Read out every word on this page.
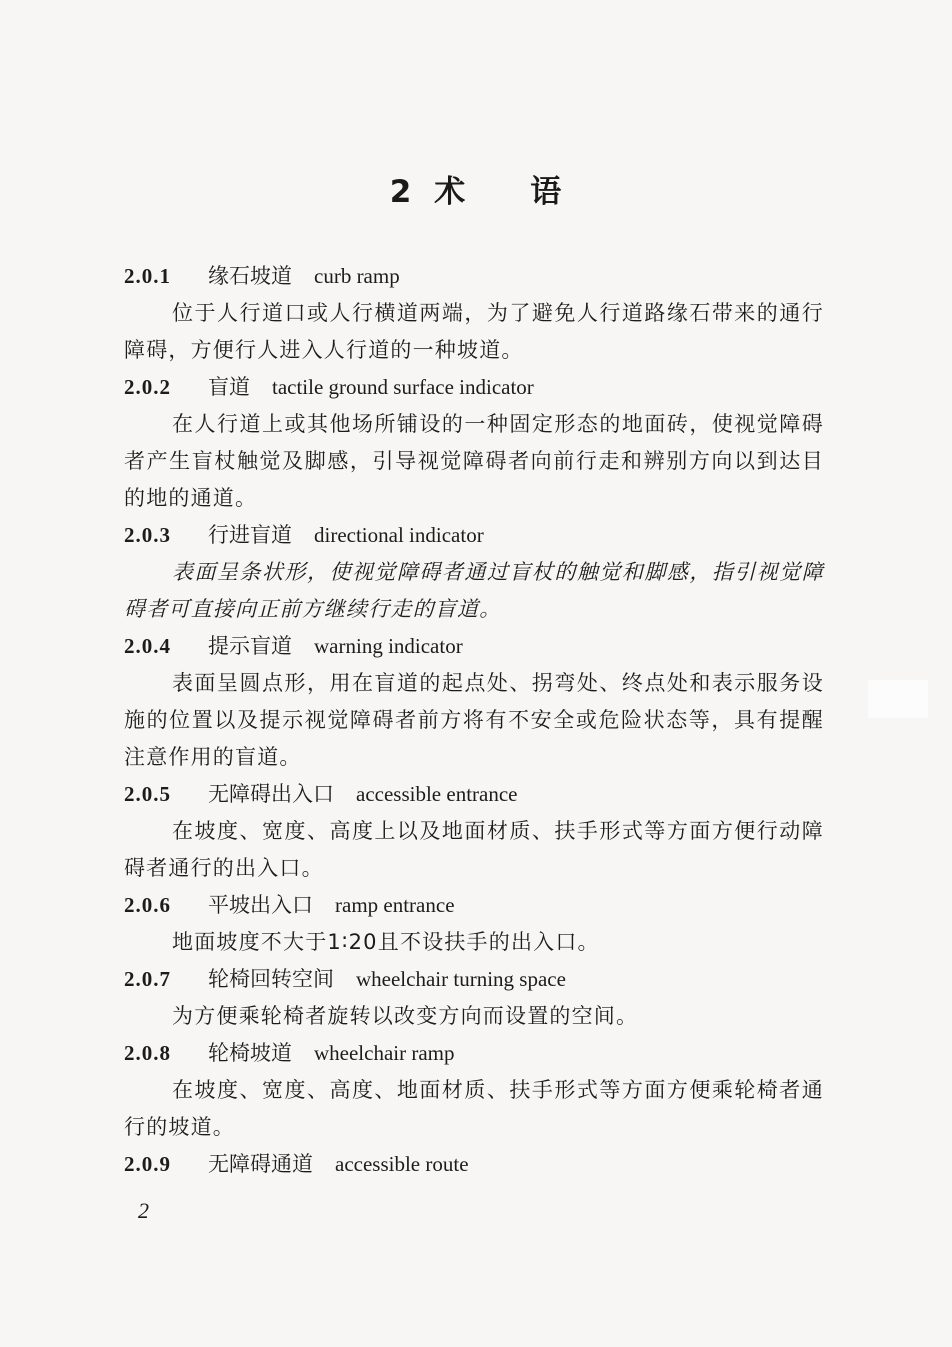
2 术 语
2.0.1 缘石坡道 curb ramp

位于人行道口或人行横道两端，为了避免人行道路缘石带来的通行障碍，方便行人进入人行道的一种坡道。

2.0.2 盲道 tactile ground surface indicator

在人行道上或其他场所铺设的一种固定形态的地面砖，使视觉障碍者产生盲杖触觉及脚感，引导视觉障碍者向前行走和辨别方向以到达目的地的通道。

2.0.3 行进盲道 directional indicator

表面呈条状形，使视觉障碍者通过盲杖的触觉和脚感，指引视觉障碍者可直接向正前方继续行走的盲道。

2.0.4 提示盲道 warning indicator

表面呈圆点形，用在盲道的起点处、拐弯处、终点处和表示服务设施的位置以及提示视觉障碍者前方将有不安全或危险状态等，具有提醒注意作用的盲道。

2.0.5 无障碍出入口 accessible entrance

在坡度、宽度、高度上以及地面材质、扶手形式等方面方便行动障碍者通行的出入口。

2.0.6 平坡出入口 ramp entrance

地面坡度不大于1∶20且不设扶手的出入口。

2.0.7 轮椅回转空间 wheelchair turning space

为方便乘轮椅者旋转以改变方向而设置的空间。

2.0.8 轮椅坡道 wheelchair ramp

在坡度、宽度、高度、地面材质、扶手形式等方面方便乘轮椅者通行的坡道。

2.0.9 无障碍通道 accessible route
2
